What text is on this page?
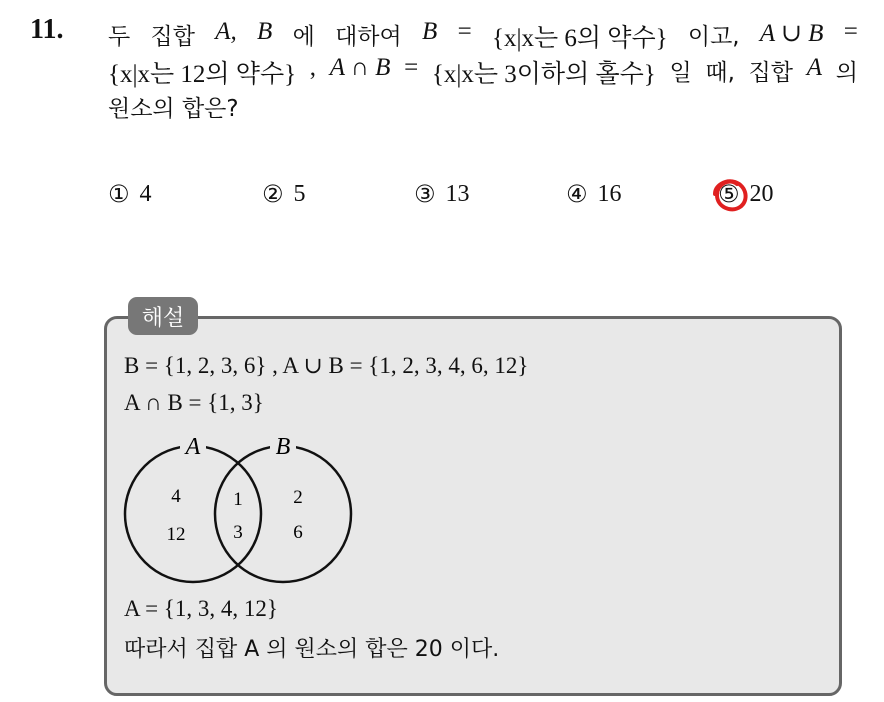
11. 두 집합 A, B 에 대하여 B = {x|x는 6의 약수} 이고, A ∪ B =
{x|x는 12의 약수} , A ∩ B = {x|x는 3이하의 홀수} 일 때, 집합 A 의
원소의 합은?
① 4	② 5	③ 13	④ 16	⑤ 20
해설
B = {1, 2, 3, 6} , A ∪ B = {1, 2, 3, 4, 6, 12}
A ∩ B = {1, 3}
A	B
4
12
1
3
2
6
A = {1, 3, 4, 12}
따라서 집합 A 의 원소의 합은 20 이다.
